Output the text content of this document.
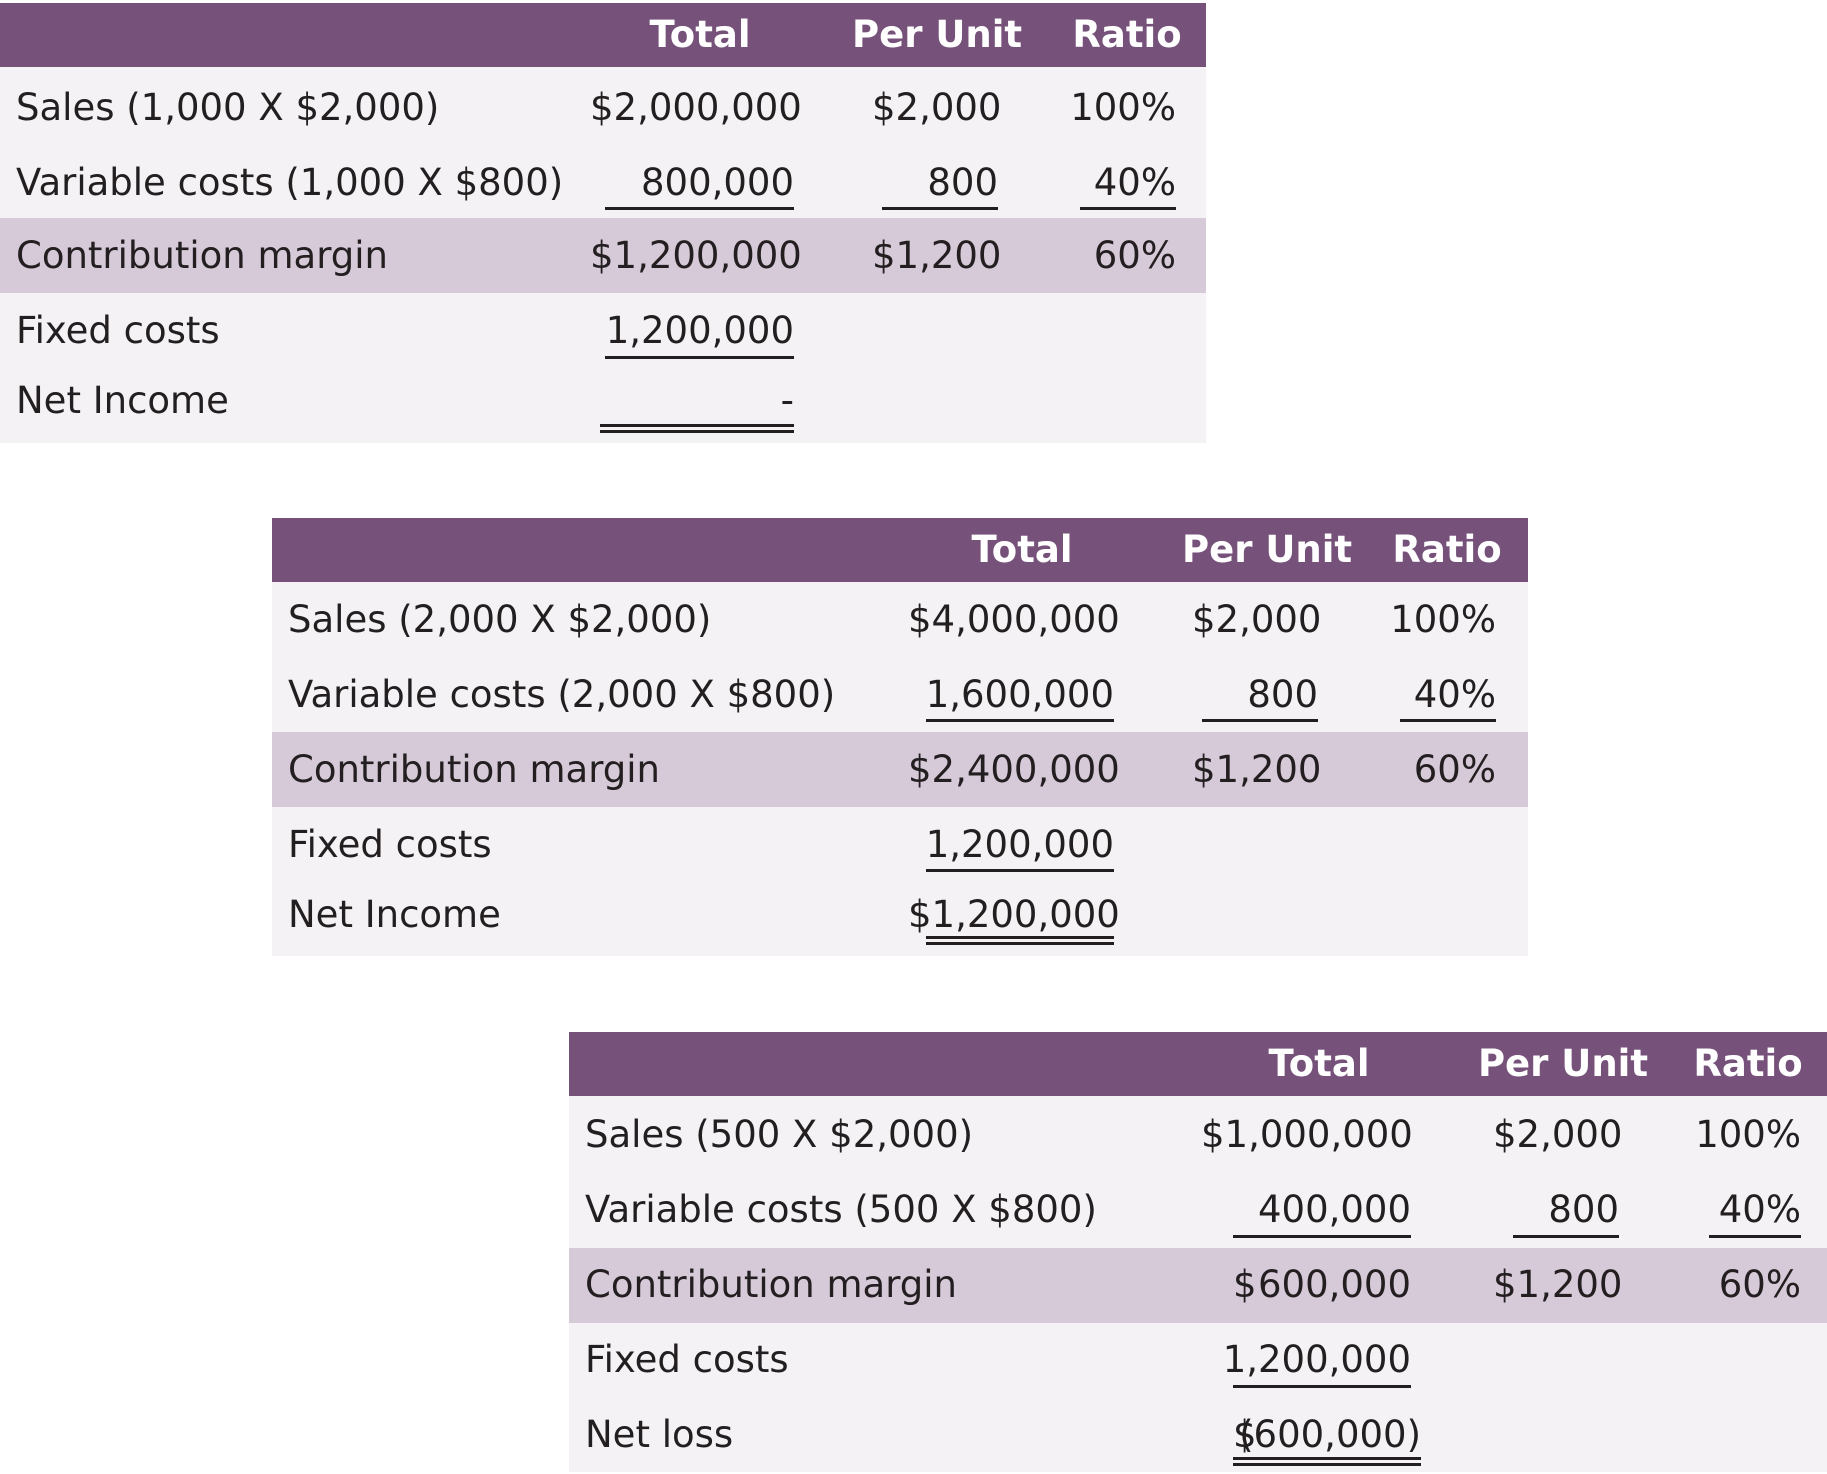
Total	Per Unit Ratio
Sales (1,000 X $2,000)	$2,000,000 $2,000 100%
Variable costs (1,000 X $800)	800,000	800	40%
Contribution margin	$1,200,000 $1,200	60%
Fixed costs	1,200,000
Net Income	-
Total	Per Unit Ratio
Sales (2,000 X $2,000)	$4,000,000 $2,000 100%
Variable costs (2,000 X $800)	1,600,000	800	40%
Contribution margin	$2,400,000 $1,200	60%
Fixed costs	1,200,000
Net Income	$1,200,000
Total	Per Unit Ratio
Sales (500 X $2,000)	$1,000,000 $2,000 100%
Variable costs (500 X $800)	400,000	800	40%
Contribution margin	$ 600,000 $1,200	60%
Fixed costs	1,200,000
Net loss	$ (600,000)
